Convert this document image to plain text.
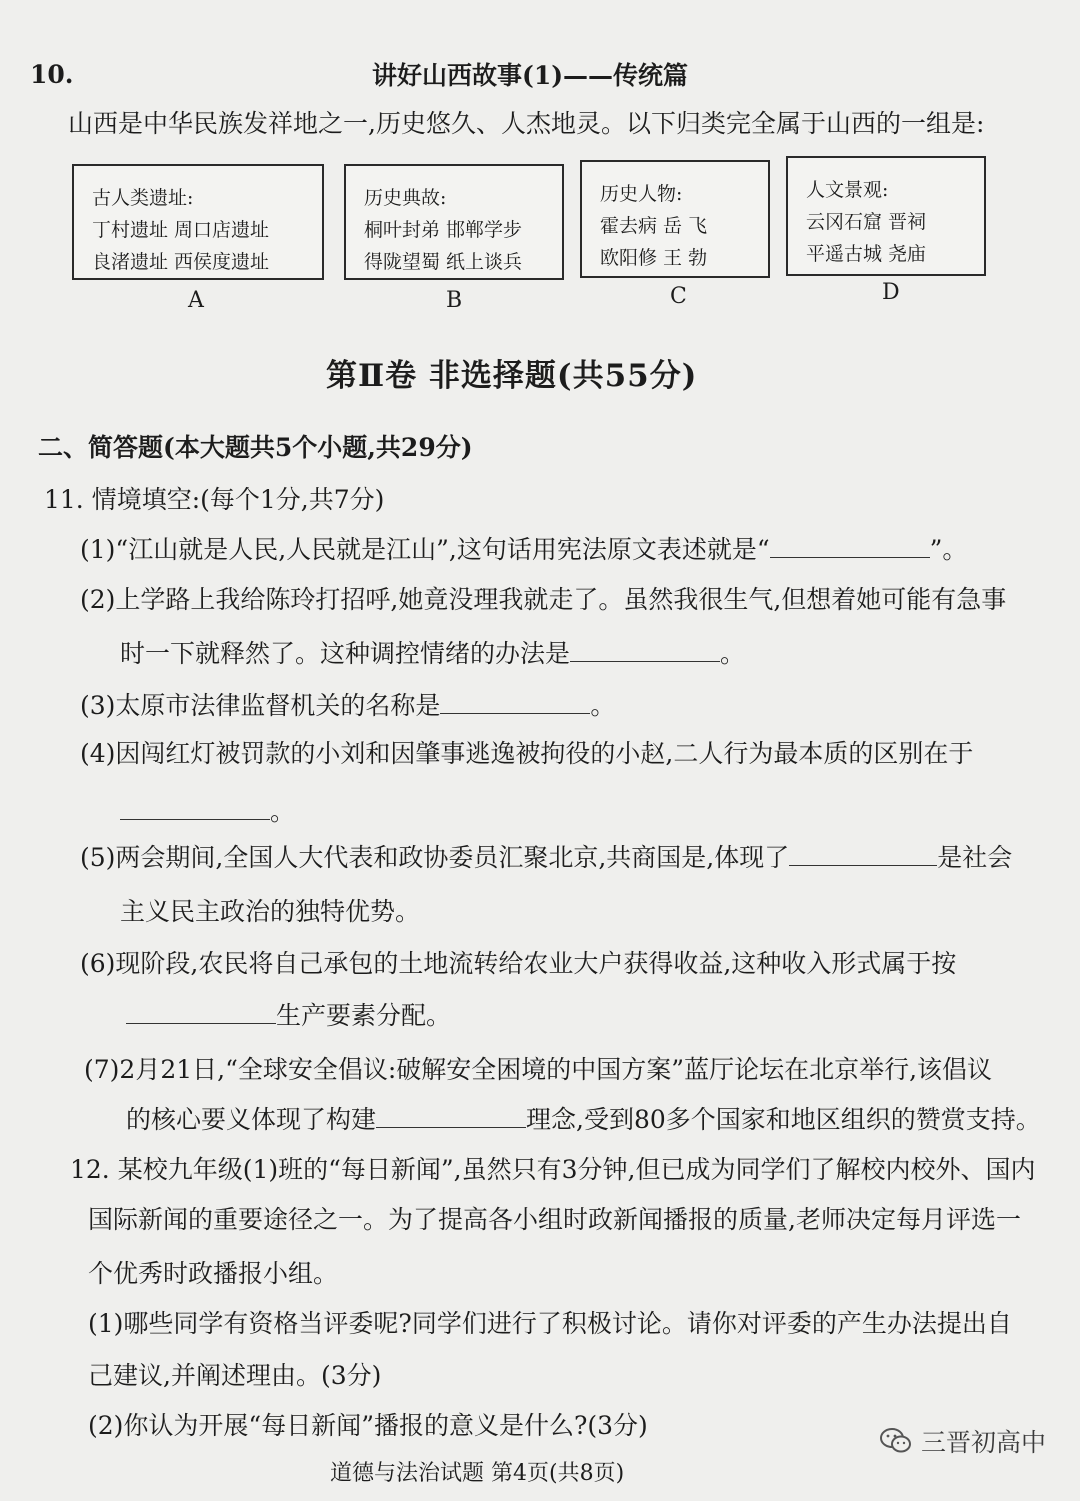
10.	讲好山西故事(1)——传统篇
山西是中华民族发祥地之一,历史悠久、人杰地灵。以下归类完全属于山西的一组是:
古人类遗址:
丁村遗址 周口店遗址
良渚遗址 西侯度遗址
历史典故:
桐叶封弟 邯郸学步
得陇望蜀 纸上谈兵
历史人物:
霍去病 岳 飞
欧阳修 王 勃
人文景观:
云冈石窟 晋祠
平遥古城 尧庙
A	B	C	D
第Ⅱ卷 非选择题(共55分)
二、简答题(本大题共5个小题,共29分)
11. 情境填空:(每个1分,共7分)
(1)“江山就是人民,人民就是江山”,这句话用宪法原文表述就是“	”。
(2)上学路上我给陈玲打招呼,她竟没理我就走了。虽然我很生气,但想着她可能有急事
时一下就释然了。这种调控情绪的办法是	。
(3)太原市法律监督机关的名称是	。
(4)因闯红灯被罚款的小刘和因肇事逃逸被拘役的小赵,二人行为最本质的区别在于
。
(5)两会期间,全国人大代表和政协委员汇聚北京,共商国是,体现了	是社会
主义民主政治的独特优势。
(6)现阶段,农民将自己承包的土地流转给农业大户获得收益,这种收入形式属于按
生产要素分配。
(7)2月21日,“全球安全倡议:破解安全困境的中国方案”蓝厅论坛在北京举行,该倡议
的核心要义体现了构建	理念,受到80多个国家和地区组织的赞赏支持。
12. 某校九年级(1)班的“每日新闻”,虽然只有3分钟,但已成为同学们了解校内校外、国内
国际新闻的重要途径之一。为了提高各小组时政新闻播报的质量,老师决定每月评选一
个优秀时政播报小组。
(1)哪些同学有资格当评委呢?同学们进行了积极讨论。请你对评委的产生办法提出自
己建议,并阐述理由。(3分)
(2)你认为开展“每日新闻”播报的意义是什么?(3分)
道德与法治试题 第4页(共8页)
三晋初高中
